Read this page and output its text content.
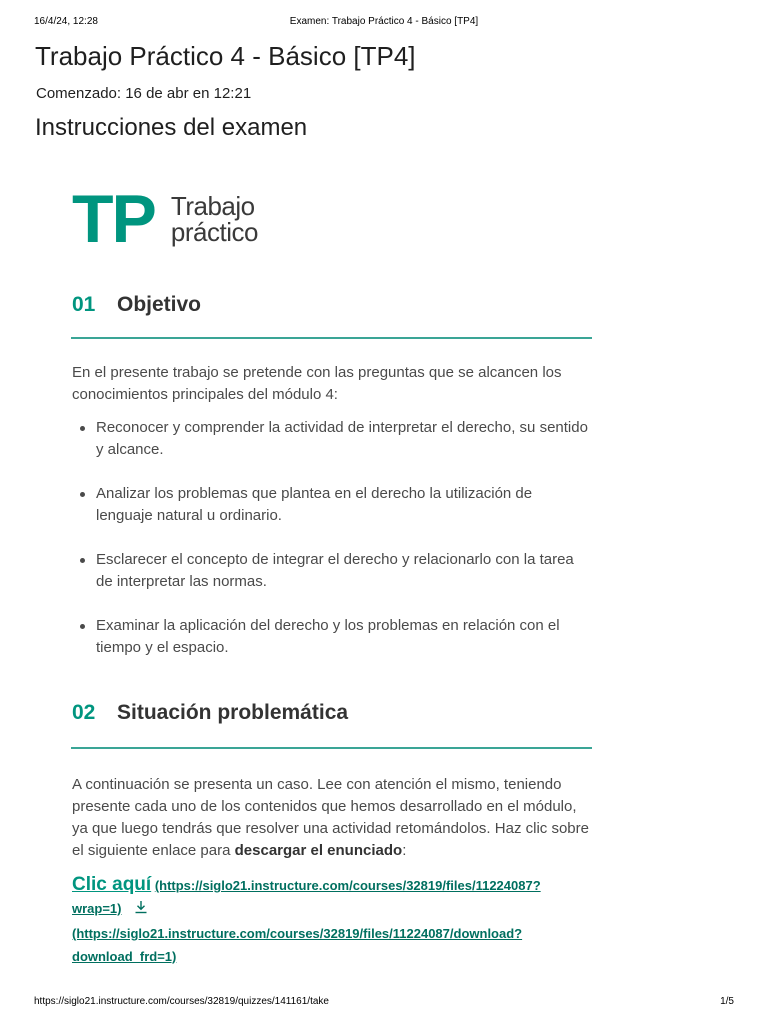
16/4/24, 12:28	Examen: Trabajo Práctico 4 - Básico [TP4]
Trabajo Práctico 4 - Básico [TP4]
Comenzado: 16 de abr en 12:21
Instrucciones del examen
TP Trabajo
práctico
01	Objetivo

En el presente trabajo se pretende con las preguntas que se alcancen los conocimientos principales del módulo 4:

Reconocer y comprender la actividad de interpretar el derecho, su sentido y alcance.
Analizar los problemas que plantea en el derecho la utilización de lenguaje natural u ordinario.
Esclarecer el concepto de integrar el derecho y relacionarlo con la tarea de interpretar las normas.
Examinar la aplicación del derecho y los problemas en relación con el tiempo y el espacio.
02	Situación problemática

A continuación se presenta un caso. Lee con atención el mismo, teniendo presente cada uno de los contenidos que hemos desarrollado en el módulo, ya que luego tendrás que resolver una actividad retomándolos. Haz clic sobre el siguiente enlace para descargar el enunciado:

Clic aquí (https://siglo21.instructure.com/courses/32819/files/11224087?
wrap=1)
(https://siglo21.instructure.com/courses/32819/files/11224087/download?
download_frd=1)
https://siglo21.instructure.com/courses/32819/quizzes/141161/take	1/5
